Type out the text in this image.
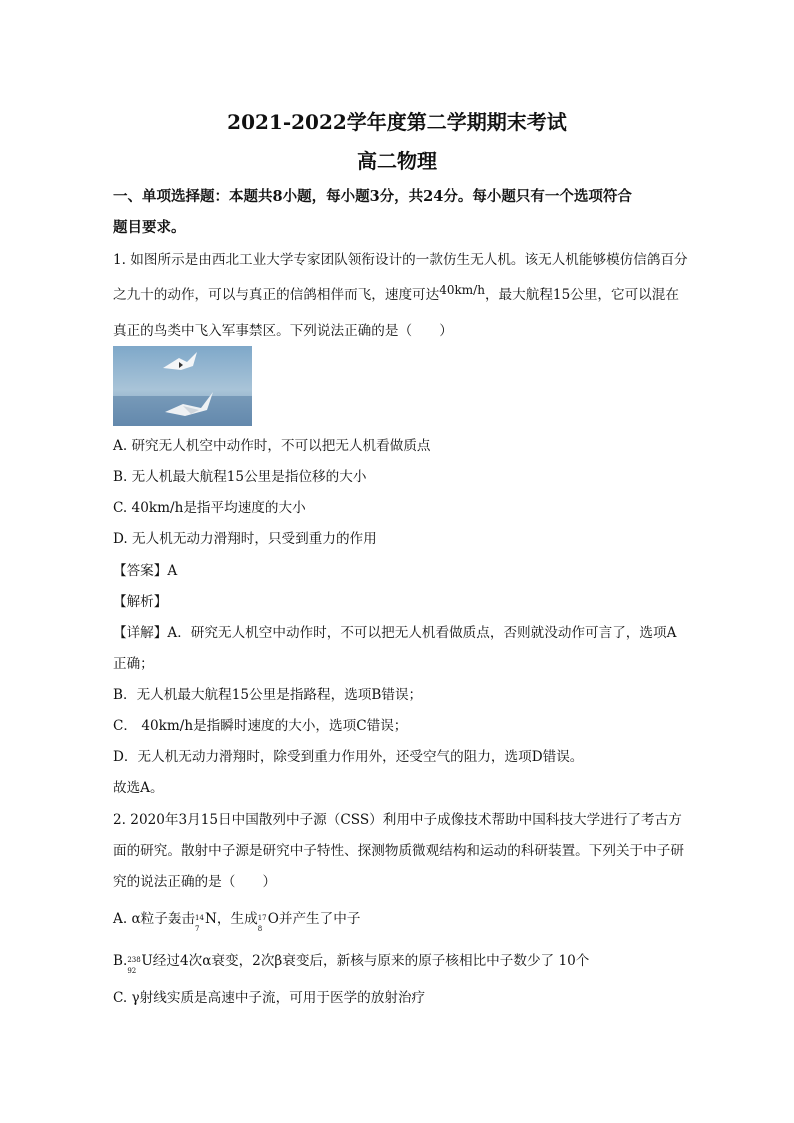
2021-2022学年度第二学期期末考试
高二物理
一、单项选择题：本题共8小题，每小题3分，共24分。每小题只有一个选项符合
题目要求。
1. 如图所示是由西北工业大学专家团队领衔设计的一款仿生无人机。该无人机能够模仿信鸽百分
之九十的动作，可以与真正的信鸽相伴而飞，速度可达40km/h，最大航程15公里，它可以混在
真正的鸟类中飞入军事禁区。下列说法正确的是（　　）
A. 研究无人机空中动作时，不可以把无人机看做质点
B. 无人机最大航程15公里是指位移的大小
C. 40km/h是指平均速度的大小
D. 无人机无动力滑翔时，只受到重力的作用
【答案】A
【解析】
【详解】A．研究无人机空中动作时，不可以把无人机看做质点，否则就没动作可言了，选项A
正确；
B．无人机最大航程15公里是指路程，选项B错误；
C． 40km/h是指瞬时速度的大小，选项C错误；
D．无人机无动力滑翔时，除受到重力作用外，还受空气的阻力，选项D错误。
故选A。
2. 2020年3月15日中国散列中子源（CSS）利用中子成像技术帮助中国科技大学进行了考古方
面的研究。散射中子源是研究中子特性、探测物质微观结构和运动的科研装置。下列关于中子研
究的说法正确的是（　　）
A. α粒子轰击 14
7
N，生成 17
8
O并产生了中子
B. 238
92
U经过4次α衰变，2次β衰变后，新核与原来的原子核相比中子数少了 10个
C. γ射线实质是高速中子流，可用于医学的放射治疗
